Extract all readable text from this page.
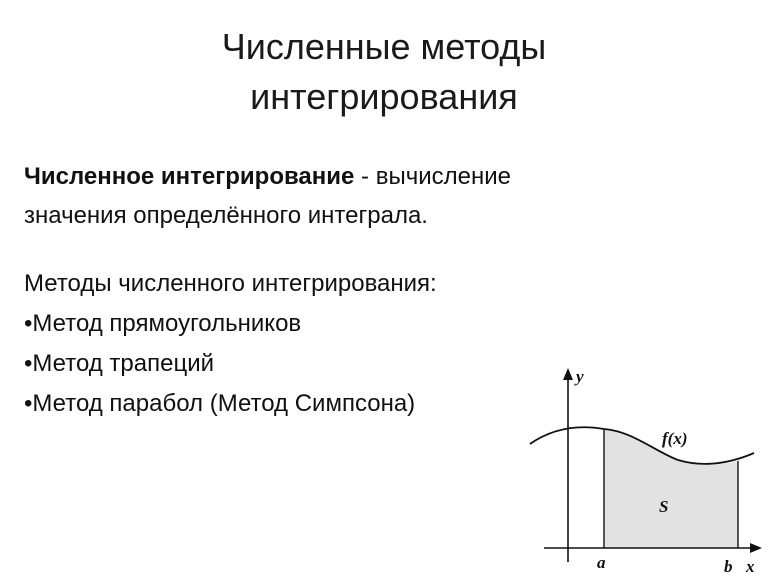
Численные методы
интегрирования
Численное интегрирование - вычисление
значения определённого интеграла.
Методы численного интегрирования:
•Метод прямоугольников
•Метод трапеций
•Метод парабол (Метод Симпсона)
y
x
f(x)
S
a	b
